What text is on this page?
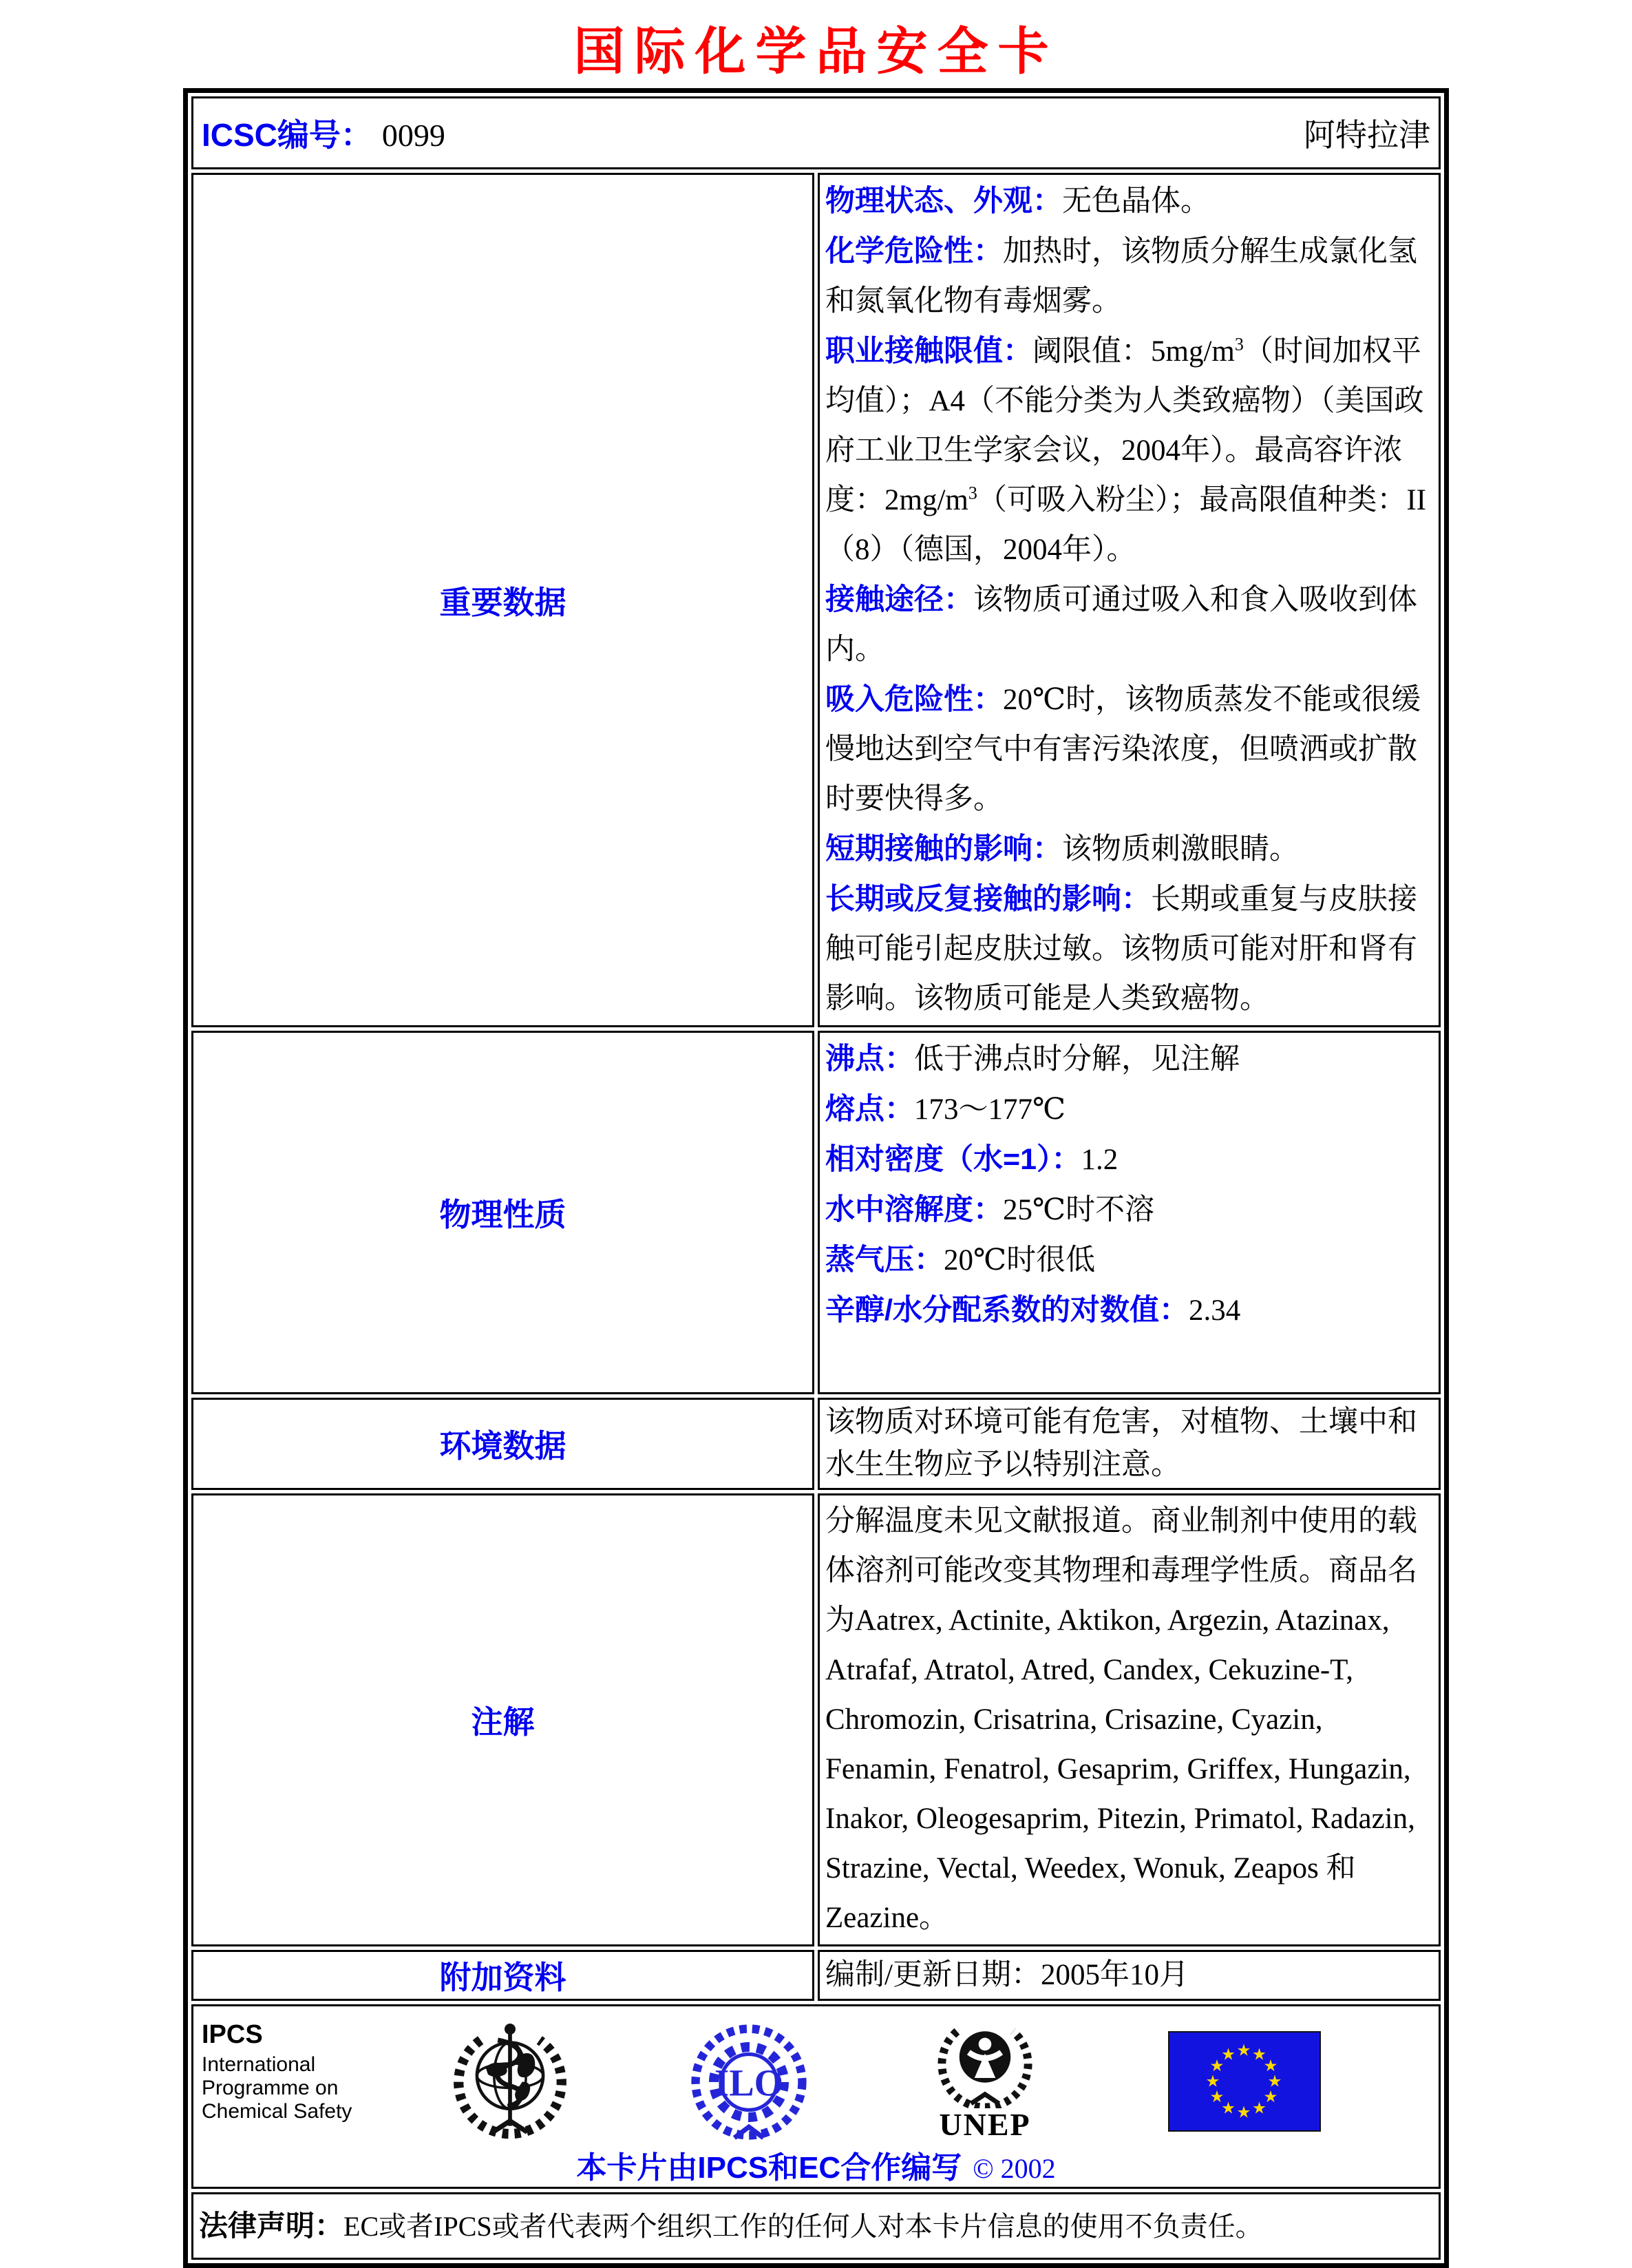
国际化学品安全卡
ICSC编号： 0099 阿特拉津	

重要数据	
物理状态、外观：无色晶体。
化学危险性：加热时，该物质分解生成氯化氢和氮氧化物有毒烟雾。
职业接触限值：阈限值：$5mg/m^3$（时间加权平均值）；A4（不能分类为人类致癌物）（美国政府工业卫生学家会议，2004年）。最高容许浓度：$2mg/m^3$（可吸入粉尘）；最高限值种类：II（8）（德国，2004年）。
接触途径：该物质可通过吸入和食入吸收到体内。
吸入危险性：20℃时，该物质蒸发不能或很缓慢地达到空气中有害污染浓度，但喷洒或扩散时要快得多。
短期接触的影响：该物质刺激眼睛。
长期或反复接触的影响：长期或重复与皮肤接触可能引起皮肤过敏。该物质可能对肝和肾有影响。该物质可能是人类致癌物。

物理性质	
沸点：低于沸点时分解，见注解
熔点：173～177℃
相对密度（水=1）：1.2
水中溶解度：25℃时不溶
蒸气压：20℃时很低
辛醇/水分配系数的对数值：2.34

环境数据	该物质对环境可能有危害，对植物、土壤中和水生生物应予以特别注意。

注解	分解温度未见文献报道。商业制剂中使用的载体溶剂可能改变其物理和毒理学性质。商品名为Aatrex, Actinite, Aktikon, Argezin, Atazinax, Atrafaf, Atratol, Atred, Candex, Cekuzine-T, Chromozin, Crisatrina, Crisazine, Cyazin, Fenamin, Fenatrol, Gesaprim, Griffex, Hungazin, Inakor, Oleogesaprim, Pitezin, Primatol, Radazin, Strazine, Vectal, Weedex, Wonuk, Zeapos 和 Zeazine。

附加资料	编制/更新日期：2005年10月

IPCS
International
Programme on
Chemical Safety
ILO
UNEP
本卡片由IPCS和EC合作编写 © 2002

法律声明：EC或者IPCS或者代表两个组织工作的任何人对本卡片信息的使用不负责任。	
